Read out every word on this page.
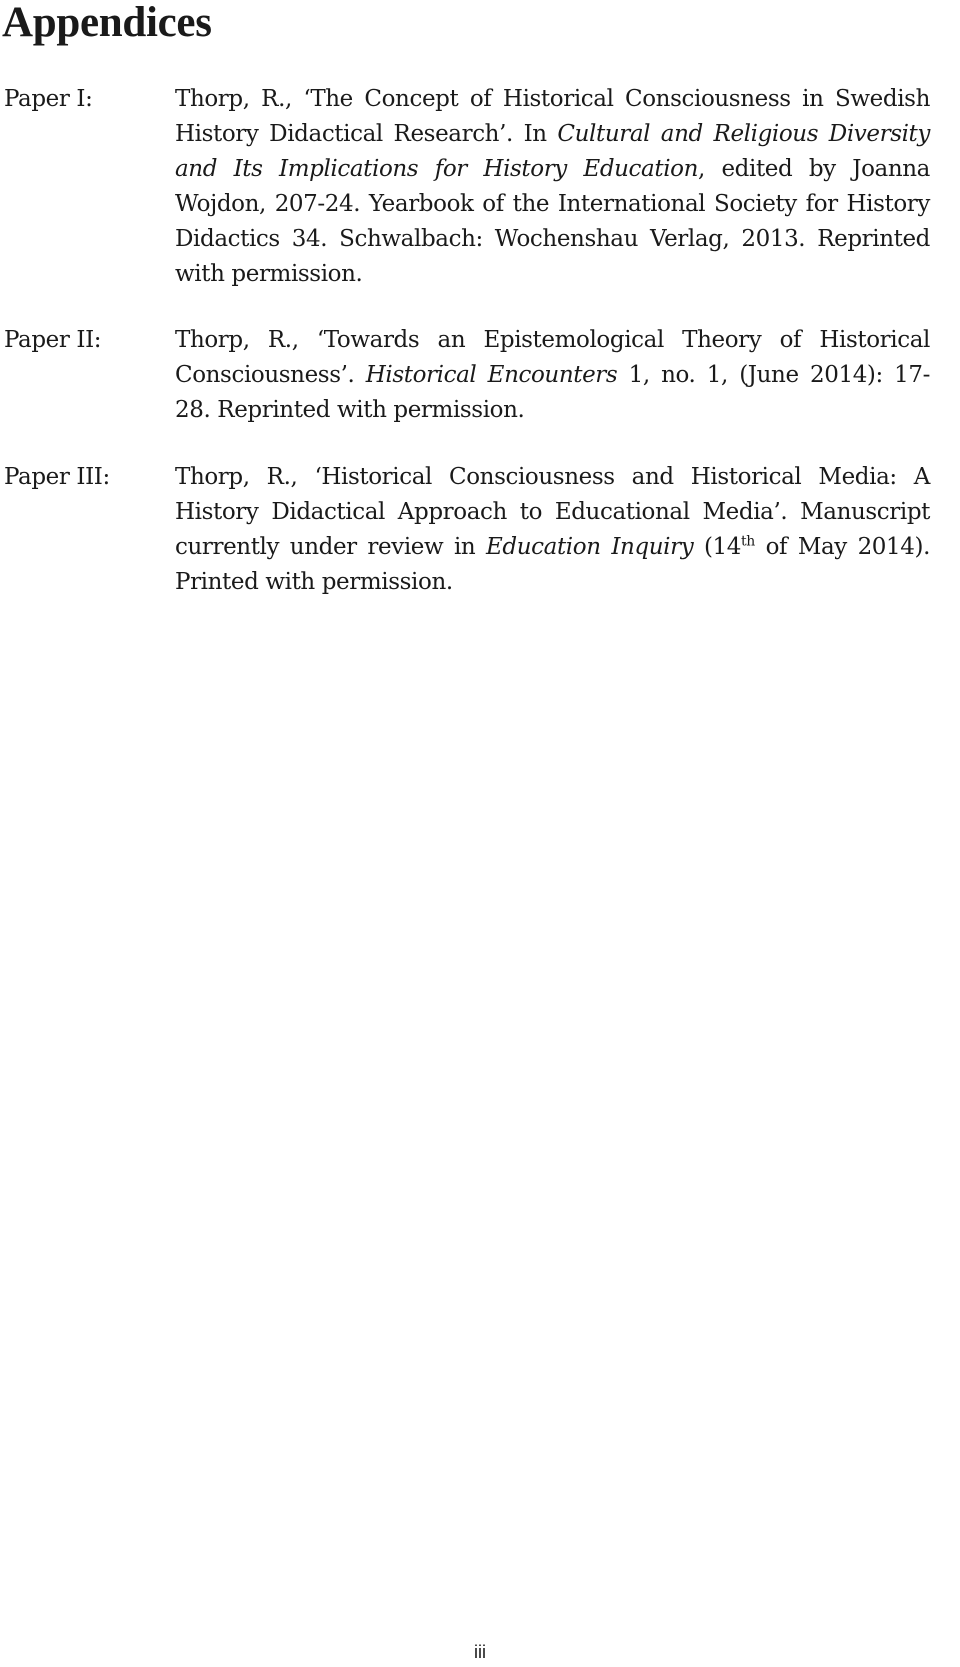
Appendices
Paper I:	Thorp, R., ‘The Concept of Historical Consciousness in Swedish History Didactical Research’. In Cultural and Religious Diversity and Its Implications for History Education, edited by Joanna Wojdon, 207-24. Yearbook of the International Society for History Didactics 34. Schwalbach: Wochenshau Verlag, 2013. Reprinted with permission.
Paper II:	Thorp, R., ‘Towards an Epistemological Theory of Historical Consciousness’. Historical Encounters 1, no. 1, (June 2014): 17-28. Reprinted with permission.
Paper III:	Thorp, R., ‘Historical Consciousness and Historical Media: A History Didactical Approach to Educational Media’. Manuscript currently under review in Education Inquiry (14th of May 2014). Printed with permission.
iii
